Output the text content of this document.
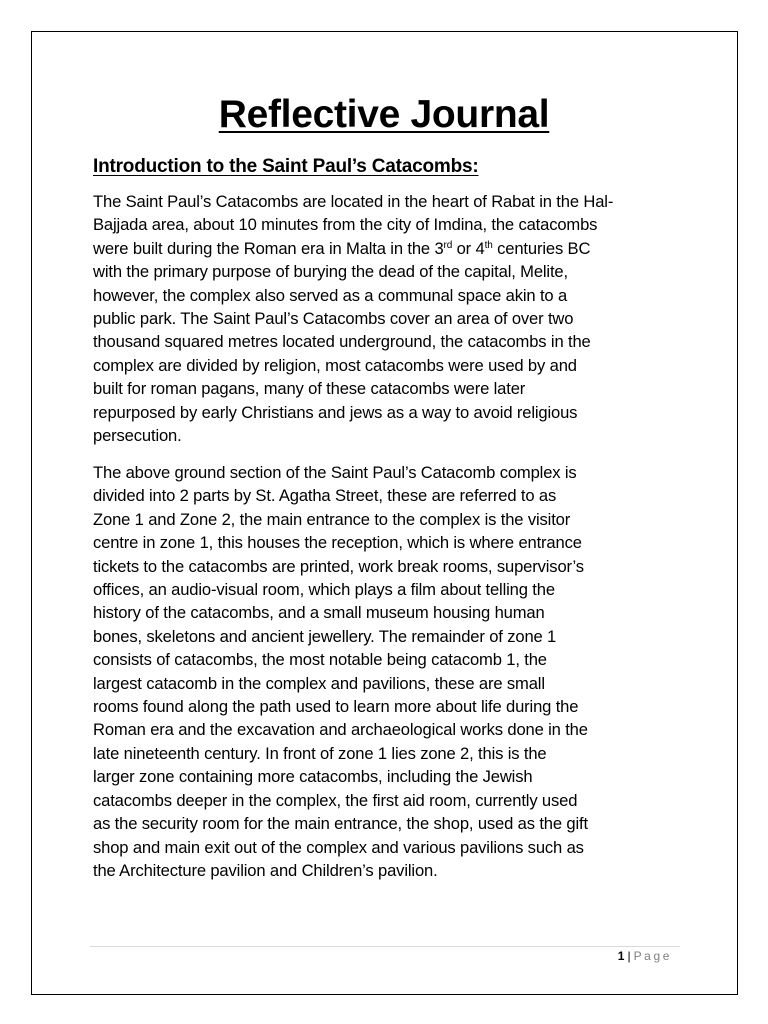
Reflective Journal
Introduction to the Saint Paul’s Catacombs:
The Saint Paul’s Catacombs are located in the heart of Rabat in the Hal-
Bajjada area, about 10 minutes from the city of Imdina, the catacombs
were built during the Roman era in Malta in the 3rd or 4th centuries BC
with the primary purpose of burying the dead of the capital, Melite,
however, the complex also served as a communal space akin to a
public park. The Saint Paul’s Catacombs cover an area of over two
thousand squared metres located underground, the catacombs in the
complex are divided by religion, most catacombs were used by and
built for roman pagans, many of these catacombs were later
repurposed by early Christians and jews as a way to avoid religious
persecution.
The above ground section of the Saint Paul’s Catacomb complex is
divided into 2 parts by St. Agatha Street, these are referred to as
Zone 1 and Zone 2, the main entrance to the complex is the visitor
centre in zone 1, this houses the reception, which is where entrance
tickets to the catacombs are printed, work break rooms, supervisor’s
offices, an audio-visual room, which plays a film about telling the
history of the catacombs, and a small museum housing human
bones, skeletons and ancient jewellery. The remainder of zone 1
consists of catacombs, the most notable being catacomb 1, the
largest catacomb in the complex and pavilions, these are small
rooms found along the path used to learn more about life during the
Roman era and the excavation and archaeological works done in the
late nineteenth century. In front of zone 1 lies zone 2, this is the
larger zone containing more catacombs, including the Jewish
catacombs deeper in the complex, the first aid room, currently used
as the security room for the main entrance, the shop, used as the gift
shop and main exit out of the complex and various pavilions such as
the Architecture pavilion and Children’s pavilion.
1 | Page
